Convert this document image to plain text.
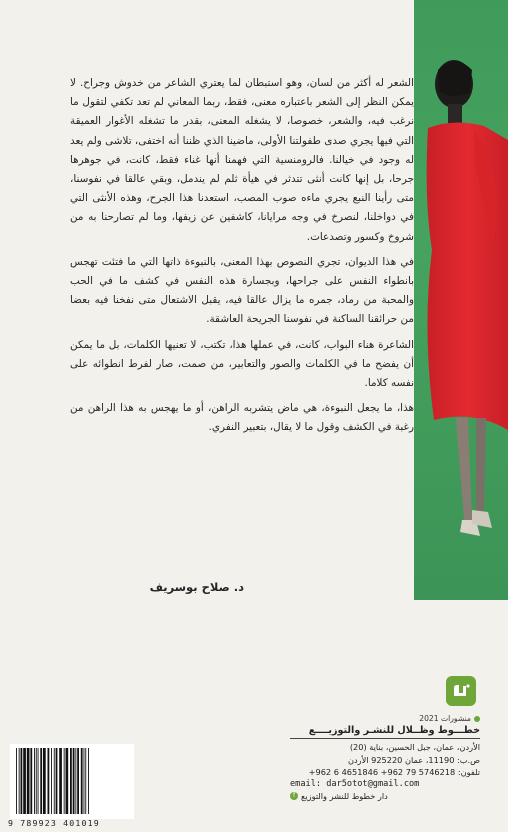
الشعر له أكثر من لسان، وهو استبطان لما يعتري الشاعر من خدوش وجراح. لا يمكن النظر إلى الشعر باعتباره معنى، فقط، ربما المعاني لم تعد تكفي لتقول ما نرغب فيه، والشعر، خصوصا، لا يشغله المعنى، بقدر ما تشغله الأغوار العميقة التي فيها يجري صدى طفولتنا الأولى، ماضينا الذي ظننا أنه اختفى، تلاشى ولم يعد له وجود في خيالنا. فالرومنسية التي فهمنا أنها غناء فقط، كانت، في جوهرها جرحا، بل إنها كانت أنثى تتدثر في هيأة ثلم لم يندمل، وبقي عالقا في نفوسنا، متى رأينا النبع يجري ماءه صوب المصب، استعدنا هذا الجرح، وهذه الأنثى التي في دواخلنا، لنصرخ في وجه مرايانا، كاشفين عن زيفها، وما لم تصارحنا به من شروخ وكسور وتصدعات.

في هذا الديوان، تجري النصوص بهذا المعنى، بالنبوءة ذاتها التي ما فتئت تهجس بانطواء النفس على جراحها، وبجسارة هذه النفس في كشف ما في الحب والمحبة من رماد، جمره ما يزال عالقا فيه، يقبل الاشتعال متى نفخنا فيه بعضا من حرائقنا الساكنة في نفوسنا الجريحة العاشقة.

الشاعرة هناء البواب، كانت، في عملها هذا، تكتب، لا تعنيها الكلمات، بل ما يمكن أن يفضح ما في الكلمات والصور والتعابير، من صمت، صار لفرط انطوائه على نفسه كلاما.

هذا، ما يجعل النبوءة، هي ماض يتشربه الراهن، أو ما يهجس به هذا الراهن من رغبة في الكشف وقول ما لا يقال، بتعبير النفري.

د. صلاح بوسريف
منشورات 2021
خطـــوط وظــلال للنشـر والتوزيــــع
الأردن، عمان، جبل الحسين، بناية (20)
ص.ب: 11190، عمان 925220 الأردن
تلفون: 5746218 79 962+ 4651846 6 962+
email: dar5otot@gmail.com
دار خطوط للنشر والتوزيع
f
9 789923 401019
